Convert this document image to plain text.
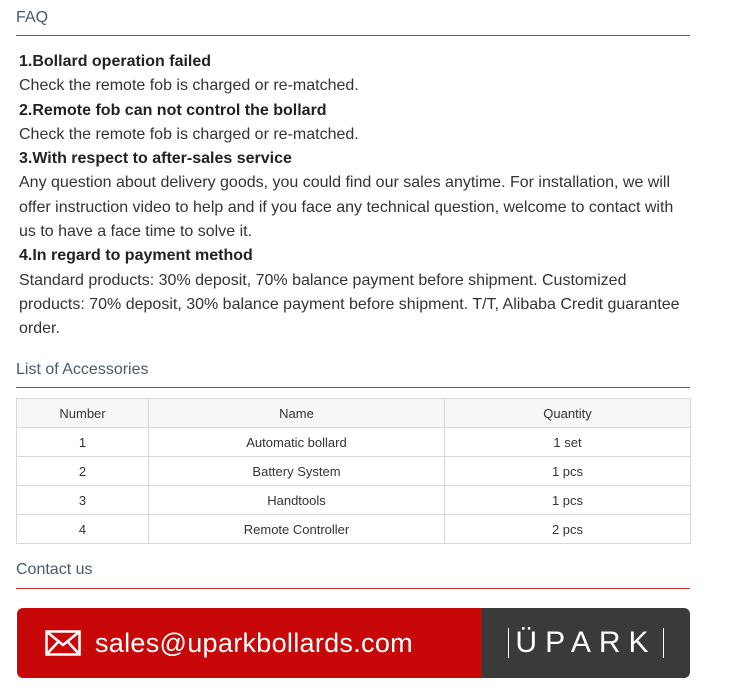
FAQ
1.Bollard operation failed
Check the remote fob is charged or re-matched.
2.Remote fob can not control the bollard
Check the remote fob is charged or re-matched.
3.With respect to after-sales service
Any question about delivery goods, you could find our sales anytime. For installation, we will offer instruction video to help and if you face any technical question, welcome to contact with us to have a face time to solve it.
4.In regard to payment method
Standard products: 30% deposit, 70% balance payment before shipment. Customized products: 70% deposit, 30% balance payment before shipment. T/T, Alibaba Credit guarantee order.
List of Accessories
Number	Name	Quantity
1	Automatic bollard	1 set
2	Battery System	1 pcs
3	Handtools	1 pcs
4	Remote Controller	2 pcs
Contact us
sales@uparkbollards.com	ÜPARK
